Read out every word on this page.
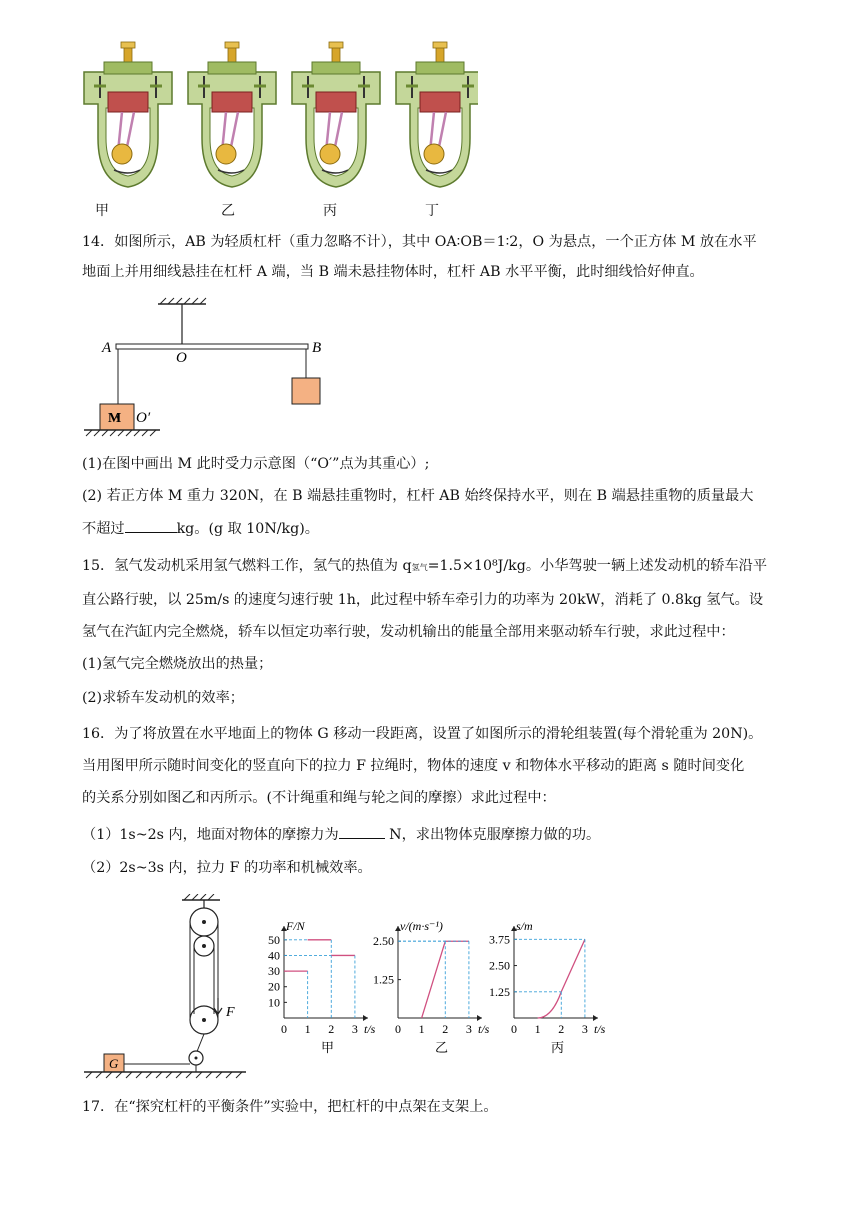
甲	乙	丙	丁
14．如图所示，AB 为轻质杠杆（重力忽略不计），其中 OA∶OB＝1∶2，O 为悬点，一个正方体 M 放在水平
地面上并用细线悬挂在杠杆 A 端，当 B 端未悬挂物体时，杠杆 AB 水平平衡，此时细线恰好伸直。
A
O
B
M O′
(1)在图中画出 M 此时受力示意图（“O′”点为其重心）;
(2) 若正方体 M 重力 320N，在 B 端悬挂重物时，杠杆 AB 始终保持水平，则在 B 端悬挂重物的质量最大
不超过	kg。(g 取 10N/kg)。
15．氢气发动机采用氢气燃料工作，氢气的热值为 q氢气=1.5×10⁸J/kg。小华驾驶一辆上述发动机的轿车沿平
直公路行驶，以 25m/s 的速度匀速行驶 1h，此过程中轿车牵引力的功率为 20kW，消耗了 0.8kg 氢气。设
氢气在汽缸内完全燃烧，轿车以恒定功率行驶，发动机输出的能量全部用来驱动轿车行驶，求此过程中：
(1)氢气完全燃烧放出的热量；
(2)求轿车发动机的效率；
16．为了将放置在水平地面上的物体 G 移动一段距离，设置了如图所示的滑轮组装置(每个滑轮重为 20N)。
当用图甲所示随时间变化的竖直向下的拉力 F 拉绳时，物体的速度 v 和物体水平移动的距离 s 随时间变化
的关系分别如图乙和丙所示。(不计绳重和绳与轮之间的摩擦）求此过程中：
（1）1s~2s 内，地面对物体的摩擦力为	N，求出物体克服摩擦力做的功。
（2）2s~3s 内，拉力 F 的功率和机械效率。
F
G
F/N
t/s
0 1 2 3
10
20
30
40
50
甲
v/(m·s⁻¹)
t/s
0 1 2 3
1.25
2.50
乙
s/m
t/s
0 1 2 3
1.25
2.50
3.75
丙
17．在“探究杠杆的平衡条件”实验中，把杠杆的中点架在支架上。
